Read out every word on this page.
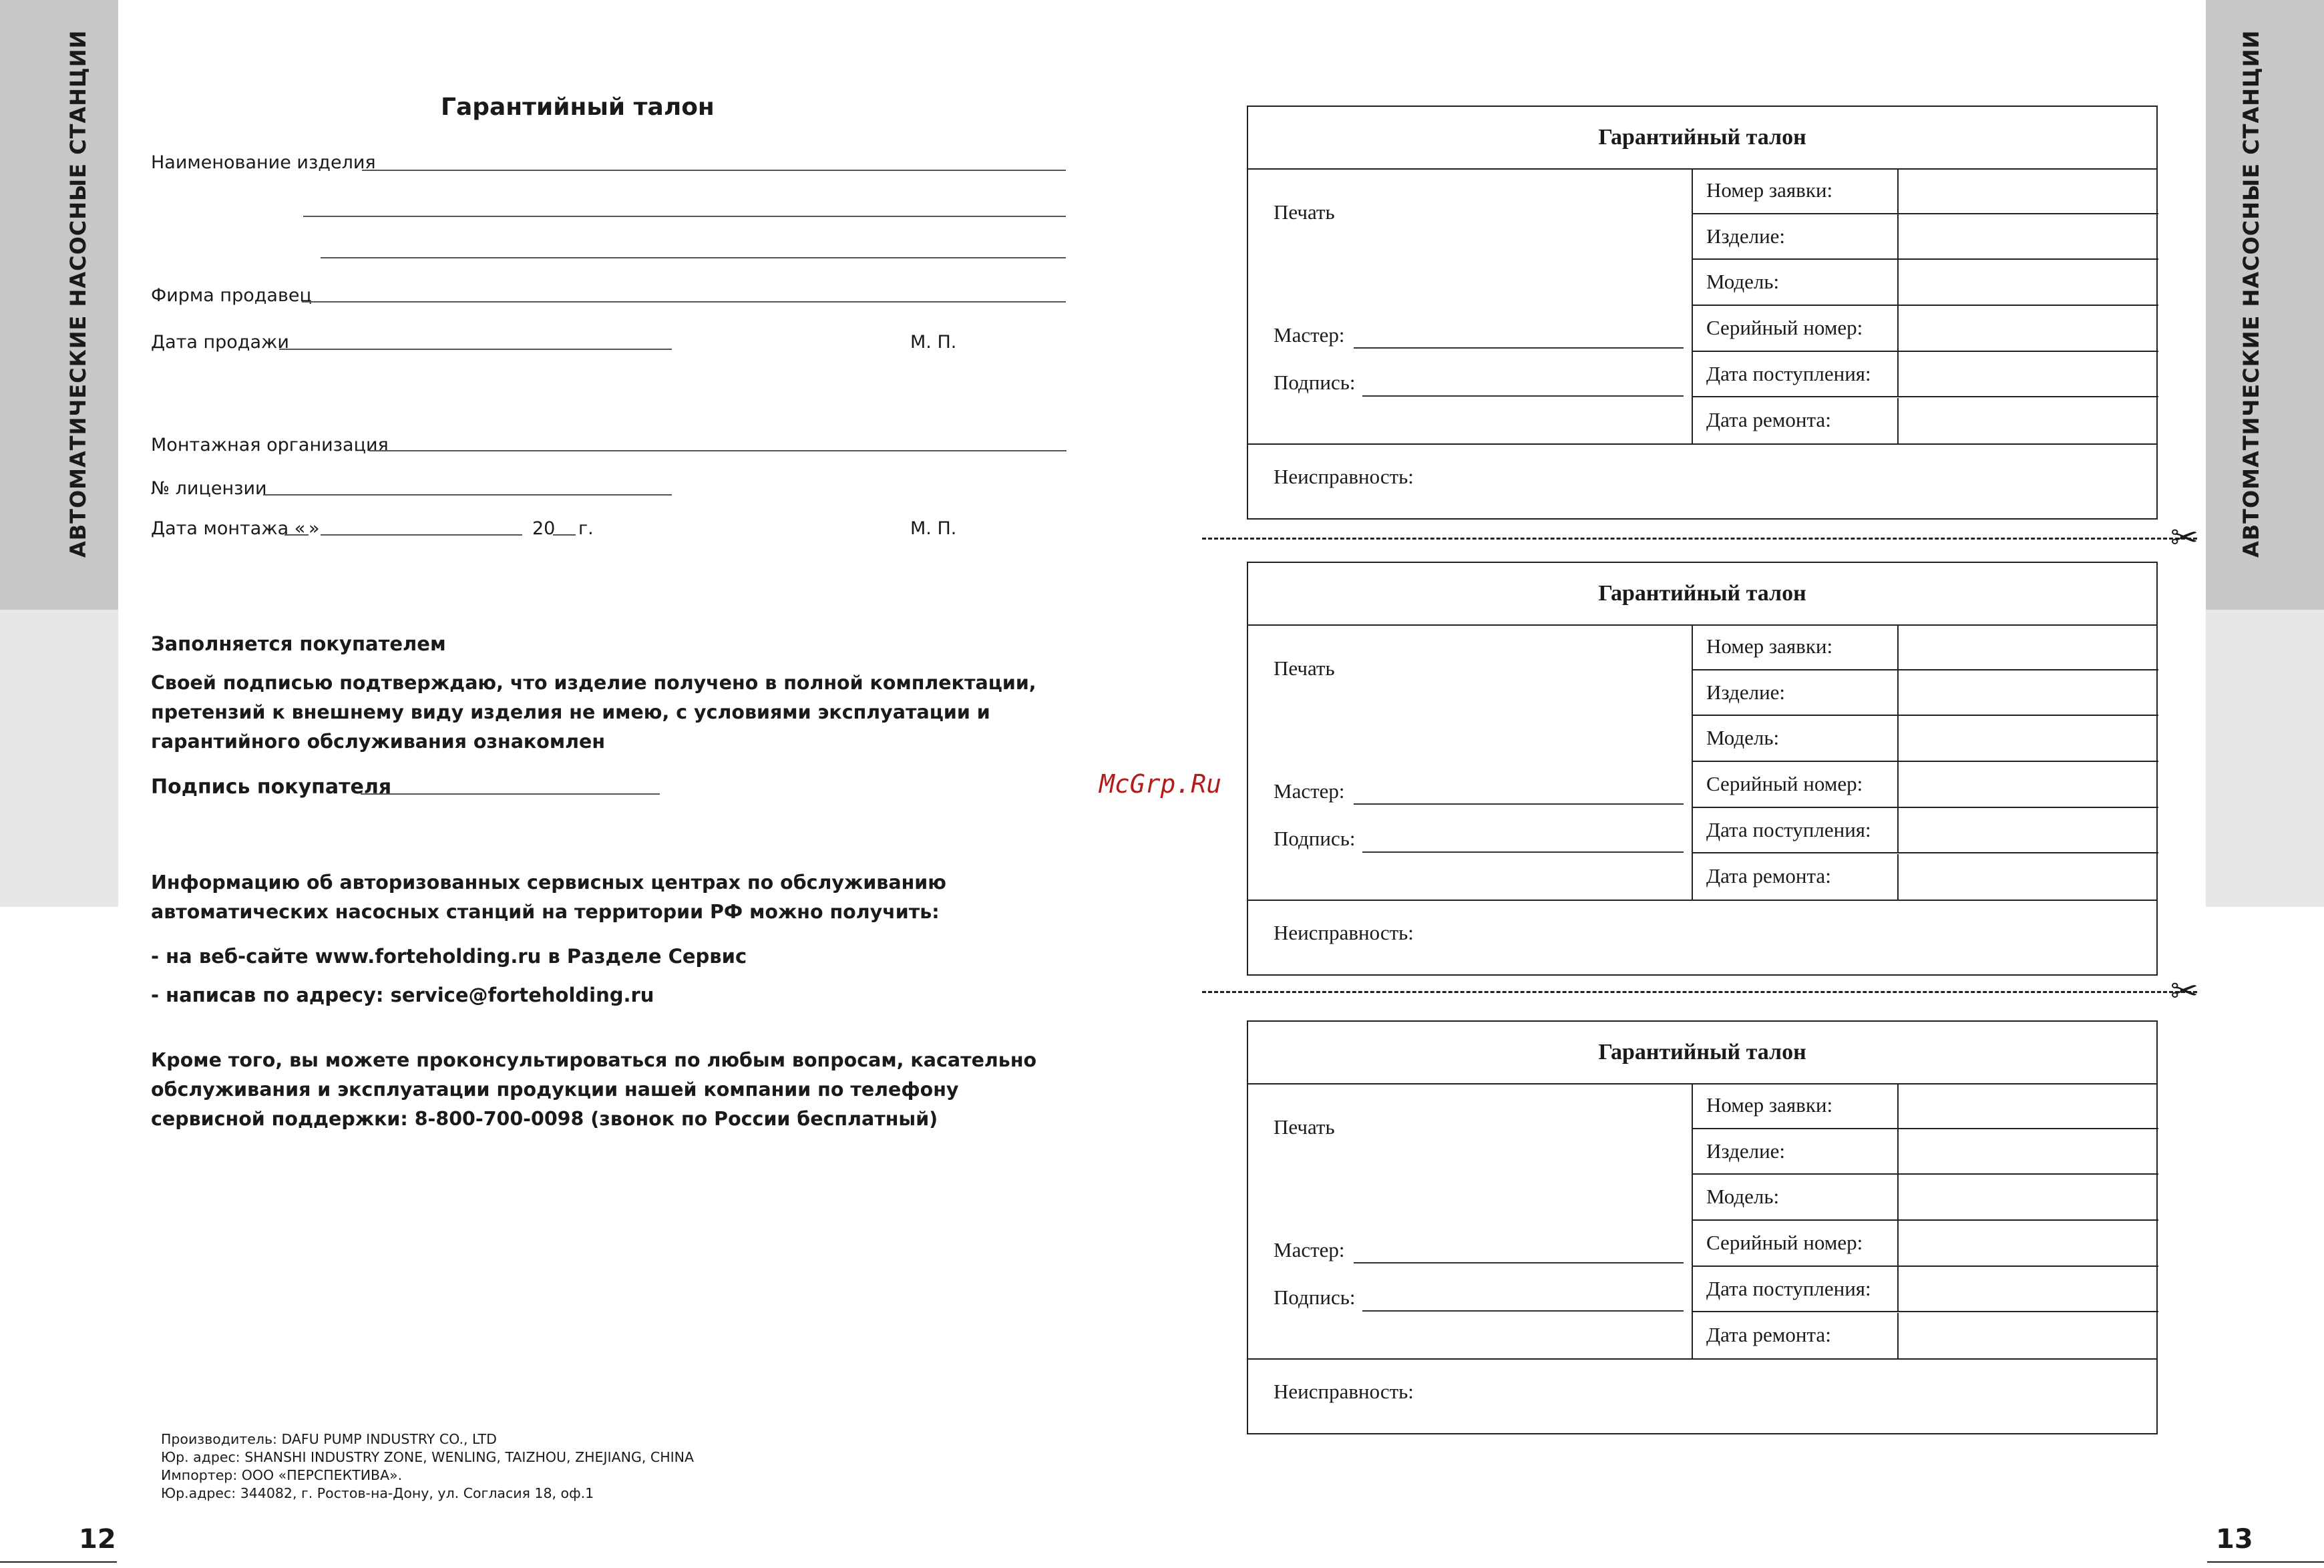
АВТОМАТИЧЕСКИЕ НАСОСНЫЕ СТАНЦИИ	АВТОМАТИЧЕСКИЕ НАСОСНЫЕ СТАНЦИИ
12	13
Гарантийный талон
Наименование изделия
Фирма продавец
Дата продажи	М. П.
Монтажная организация
№ лицензии
Дата монтажа « »	20 г.	М. П.
Заполняется покупателем
Своей подписью подтверждаю, что изделие получено в полной комплектации, претензий к внешнему виду изделия не имею, с условиями эксплуатации и гарантийного обслуживания ознакомлен
Подпись покупателя
Информацию об авторизованных сервисных центрах по обслуживанию автоматических насосных станций на территории РФ можно получить:
- на веб-сайте www.forteholding.ru в Разделе Сервис
- написав по адресу: service@forteholding.ru
Кроме того, вы можете проконсультироваться по любым вопросам, касательно обслуживания и эксплуатации продукции нашей компании по телефону сервисной поддержки: 8-800-700-0098 (звонок по России бесплатный)
Производитель: DAFU PUMP INDUSTRY CO., LTD
Юр. адрес: SHANSHI INDUSTRY ZONE, WENLING, TAIZHOU, ZHEJIANG, CHINA
Импортер: ООО «ПЕРСПЕКТИВА».
Юр.адрес: 344082, г. Ростов-на-Дону, ул. Согласия 18, оф.1
McGrp.Ru
Гарантийный талон
Печать
Мастер:
Подпись:
Номер заявки:
Изделие:
Модель:
Серийный номер:
Дата поступления:
Дата ремонта:
Неисправность:
✂
Гарантийный талон
Печать
Мастер:
Подпись:
Номер заявки:
Изделие:
Модель:
Серийный номер:
Дата поступления:
Дата ремонта:
Неисправность:
✂
Гарантийный талон
Печать
Мастер:
Подпись:
Номер заявки:
Изделие:
Модель:
Серийный номер:
Дата поступления:
Дата ремонта:
Неисправность:
